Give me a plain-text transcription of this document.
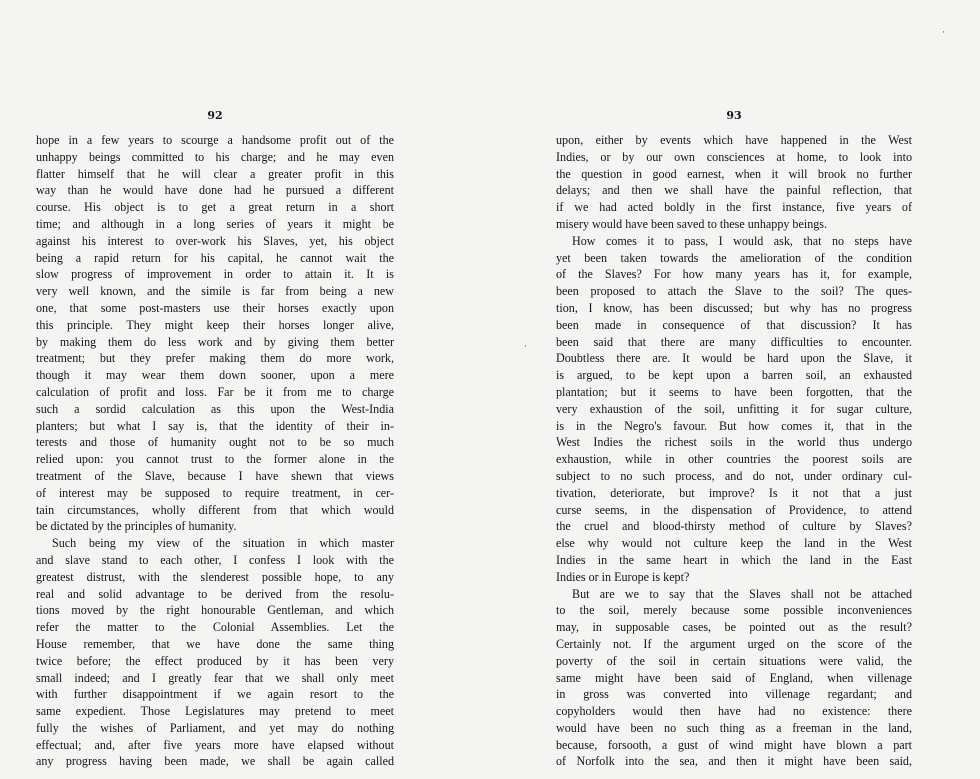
92
hope in a few years to scourge a handsome profit out of the
unhappy beings committed to his charge; and he may even
flatter himself that he will clear a greater profit in this
way than he would have done had he pursued a different
course. His object is to get a great return in a short
time; and although in a long series of years it might be
against his interest to over-work his Slaves, yet, his object
being a rapid return for his capital, he cannot wait the
slow progress of improvement in order to attain it. It is
very well known, and the simile is far from being a new
one, that some post-masters use their horses exactly upon
this principle. They might keep their horses longer alive,
by making them do less work and by giving them better
treatment; but they prefer making them do more work,
though it may wear them down sooner, upon a mere
calculation of profit and loss. Far be it from me to charge
such a sordid calculation as this upon the West-India
planters; but what I say is, that the identity of their in-
terests and those of humanity ought not to be so much
relied upon: you cannot trust to the former alone in the
treatment of the Slave, because I have shewn that views
of interest may be supposed to require treatment, in cer-
tain circumstances, wholly different from that which would
be dictated by the principles of humanity.
Such being my view of the situation in which master
and slave stand to each other, I confess I look with the
greatest distrust, with the slenderest possible hope, to any
real and solid advantage to be derived from the resolu-
tions moved by the right honourable Gentleman, and which
refer the matter to the Colonial Assemblies. Let the
House remember, that we have done the same thing
twice before; the effect produced by it has been very
small indeed; and I greatly fear that we shall only meet
with further disappointment if we again resort to the
same expedient. Those Legislatures may pretend to meet
fully the wishes of Parliament, and yet may do nothing
effectual; and, after five years more have elapsed without
any progress having been made, we shall be again called
93
upon, either by events which have happened in the West
Indies, or by our own consciences at home, to look into
the question in good earnest, when it will brook no further
delays; and then we shall have the painful reflection, that
if we had acted boldly in the first instance, five years of
misery would have been saved to these unhappy beings.
How comes it to pass, I would ask, that no steps have
yet been taken towards the amelioration of the condition
of the Slaves? For how many years has it, for example,
been proposed to attach the Slave to the soil? The ques-
tion, I know, has been discussed; but why has no progress
been made in consequence of that discussion? It has
been said that there are many difficulties to encounter.
Doubtless there are. It would be hard upon the Slave, it
is argued, to be kept upon a barren soil, an exhausted
plantation; but it seems to have been forgotten, that the
very exhaustion of the soil, unfitting it for sugar culture,
is in the Negro's favour. But how comes it, that in the
West Indies the richest soils in the world thus undergo
exhaustion, while in other countries the poorest soils are
subject to no such process, and do not, under ordinary cul-
tivation, deteriorate, but improve? Is it not that a just
curse seems, in the dispensation of Providence, to attend
the cruel and blood-thirsty method of culture by Slaves?
else why would not culture keep the land in the West
Indies in the same heart in which the land in the East
Indies or in Europe is kept?
But are we to say that the Slaves shall not be attached
to the soil, merely because some possible inconveniences
may, in supposable cases, be pointed out as the result?
Certainly not. If the argument urged on the score of the
poverty of the soil in certain situations were valid, the
same might have been said of England, when villenage
in gross was converted into villenage regardant; and
copyholders would then have had no existence: there
would have been no such thing as a freeman in the land,
because, forsooth, a gust of wind might have blown a part
of Norfolk into the sea, and then it might have been said,
·
·
